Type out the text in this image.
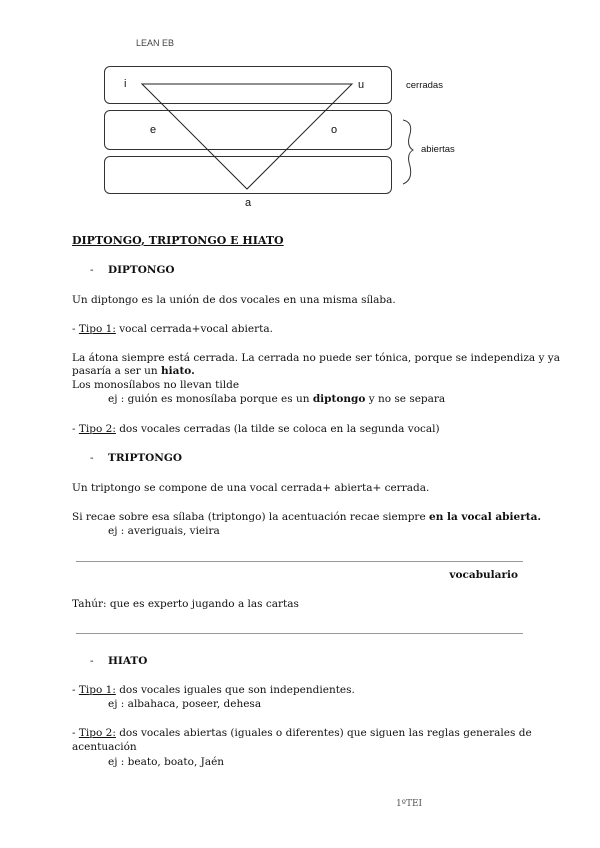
LEAN EB
i	u
e	o
a
cerradas
abiertas
DIPTONGO, TRIPTONGO E HIATO
- DIPTONGO
Un diptongo es la unión de dos vocales en una misma sílaba.
- Tipo 1: vocal cerrada+vocal abierta.
La átona siempre está cerrada. La cerrada no puede ser tónica, porque se independiza y ya
pasaría a ser un hiato.
Los monosílabos no llevan tilde
ej : guión es monosílaba porque es un diptongo y no se separa
- Tipo 2: dos vocales cerradas (la tilde se coloca en la segunda vocal)
- TRIPTONGO
Un triptongo se compone de una vocal cerrada+ abierta+ cerrada.
Si recae sobre esa sílaba (triptongo) la acentuación recae siempre en la vocal abierta.
ej : averiguais, vieira
vocabulario
Tahúr: que es experto jugando a las cartas
- HIATO
- Tipo 1: dos vocales iguales que son independientes.
ej : albahaca, poseer, dehesa
- Tipo 2: dos vocales abiertas (iguales o diferentes) que siguen las reglas generales de
acentuación
ej : beato, boato, Jaén
1ºTEI
